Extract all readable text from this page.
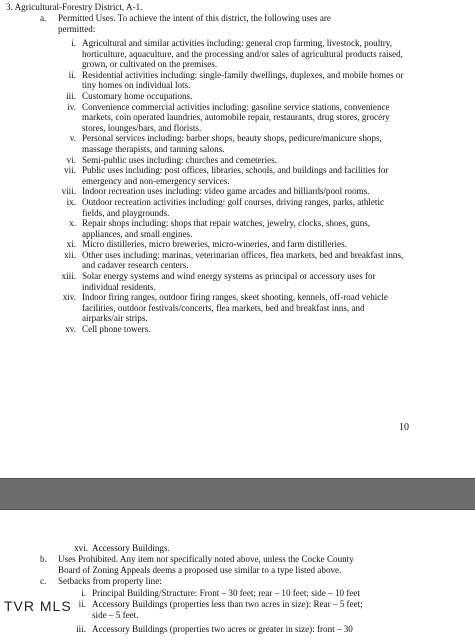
3. Agricultural-Forestry District, A-1.
a. Permitted Uses. To achieve the intent of this district, the following uses are
permitted:
i. Agricultural and similar activities including: general crop farming, livestock, poultry, horticulture, aquaculture, and the processing and/or sales of agricultural products raised, grown, or cultivated on the premises.
ii. Residential activities including: single-family dwellings, duplexes, and mobile homes or tiny homes on individual lots.
iii. Customary home occupations.
iv. Convenience commercial activities including: gasoline service stations, convenience markets, coin operated laundries, automobile repair, restaurants, drug stores, grocery stores, lounges/bars, and florists.
v. Personal services including: barber shops, beauty shops, pedicure/manicure shops, massage therapists, and tanning salons.
vi. Semi-public uses including: churches and cemeteries.
vii. Public uses including: post offices, libraries, schools, and buildings and facilities for emergency and non-emergency services.
viii. Indoor recreation uses including: video game arcades and billiards/pool rooms.
ix. Outdoor recreation activities including: golf courses, driving ranges, parks, athletic fields, and playgrounds.
x. Repair shops including: shops that repair watches, jewelry, clocks, shoes, guns, appliances, and small engines.
xi. Micro distilleries, micro breweries, micro-wineries, and farm distilleries.
xii. Other uses including: marinas, veterinarian offices, flea markets, bed and breakfast inns, and cadaver research centers.
xiii. Solar energy systems and wind energy systems as principal or accessory uses for individual residents.
xiv. Indoor firing ranges, outdoor firing ranges, skeet shooting, kennels, off-road vehicle facilities, outdoor festivals/concerts, flea markets, bed and breakfast inns, and airparks/air strips.
xv. Cell phone towers.
10
xvi. Accessory Buildings.
b. Uses Prohibited. Any item not specifically noted above, unless the Cocke County
Board of Zoning Appeals deems a proposed use similar to a type listed above.
c. Setbacks from property line:
i. Principal Building/Structure: Front – 30 feet; rear – 10 feet; side – 10 feet
ii. Accessory Buildings (properties less than two acres in size): Rear – 5 feet;
side – 5 feet.
iii. Accessory Buildings (properties two acres or greater in size): front – 30
TVR MLS
